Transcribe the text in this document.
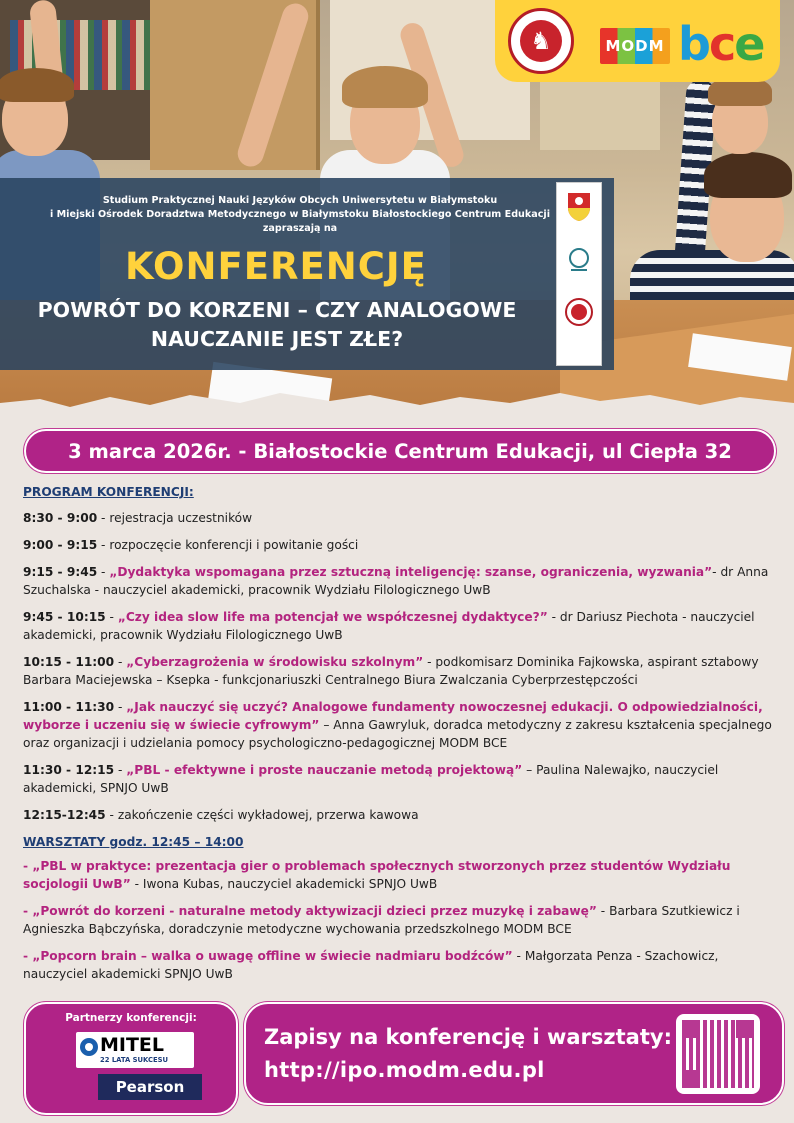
♞	MODM bce
Studium Praktycznej Nauki Języków Obcych Uniwersytetu w Białymstoku
i Miejski Ośrodek Doradztwa Metodycznego w Białymstoku Białostockiego Centrum Edukacji
zapraszają na
KONFERENCJĘ
POWRÓT DO KORZENI – CZY ANALOGOWE
NAUCZANIE JEST ZŁE?

3 marca 2026r. - Białostockie Centrum Edukacji, ul Ciepła 32
PROGRAM KONFERENCJI:
8:30 - 9:00 - rejestracja uczestników
9:00 - 9:15 - rozpoczęcie konferencji i powitanie gości
9:15 - 9:45 - „Dydaktyka wspomagana przez sztuczną inteligencję: szanse, ograniczenia, wyzwania”- dr Anna Szuchalska - nauczyciel akademicki, pracownik Wydziału Filologicznego UwB
9:45 - 10:15 - „Czy idea slow life ma potencjał we współczesnej dydaktyce?” - dr Dariusz Piechota - nauczyciel akademicki, pracownik Wydziału Filologicznego UwB
10:15 - 11:00 - „Cyberzagrożenia w środowisku szkolnym” - podkomisarz Dominika Fajkowska, aspirant sztabowy Barbara Maciejewska – Ksepka - funkcjonariuszki Centralnego Biura Zwalczania Cyberprzestępczości
11:00 - 11:30 - „Jak nauczyć się uczyć? Analogowe fundamenty nowoczesnej edukacji. O odpowiedzialności, wyborze i uczeniu się w świecie cyfrowym” – Anna Gawryluk, doradca metodyczny z zakresu kształcenia specjalnego oraz organizacji i udzielania pomocy psychologiczno-pedagogicznej MODM BCE
11:30 - 12:15 - „PBL - efektywne i proste nauczanie metodą projektową” – Paulina Nalewajko, nauczyciel akademicki, SPNJO UwB
12:15-12:45 - zakończenie części wykładowej, przerwa kawowa
WARSZTATY godz. 12:45 – 14:00
- „PBL w praktyce: prezentacja gier o problemach społecznych stworzonych przez studentów Wydziału socjologii UwB” - Iwona Kubas, nauczyciel akademicki SPNJO UwB
- „Powrót do korzeni - naturalne metody aktywizacji dzieci przez muzykę i zabawę” - Barbara Szutkiewicz i Agnieszka Bąbczyńska, doradczynie metodyczne wychowania przedszkolnego MODM BCE
- „Popcorn brain – walka o uwagę offline w świecie nadmiaru bodźców” - Małgorzata Penza - Szachowicz, nauczyciel akademicki SPNJO UwB
Partnerzy konferencji:
MITEL
22 LATA SUKCESU
Pearson
Zapisy na konferencję i warsztaty:
http://ipo.modm.edu.pl
